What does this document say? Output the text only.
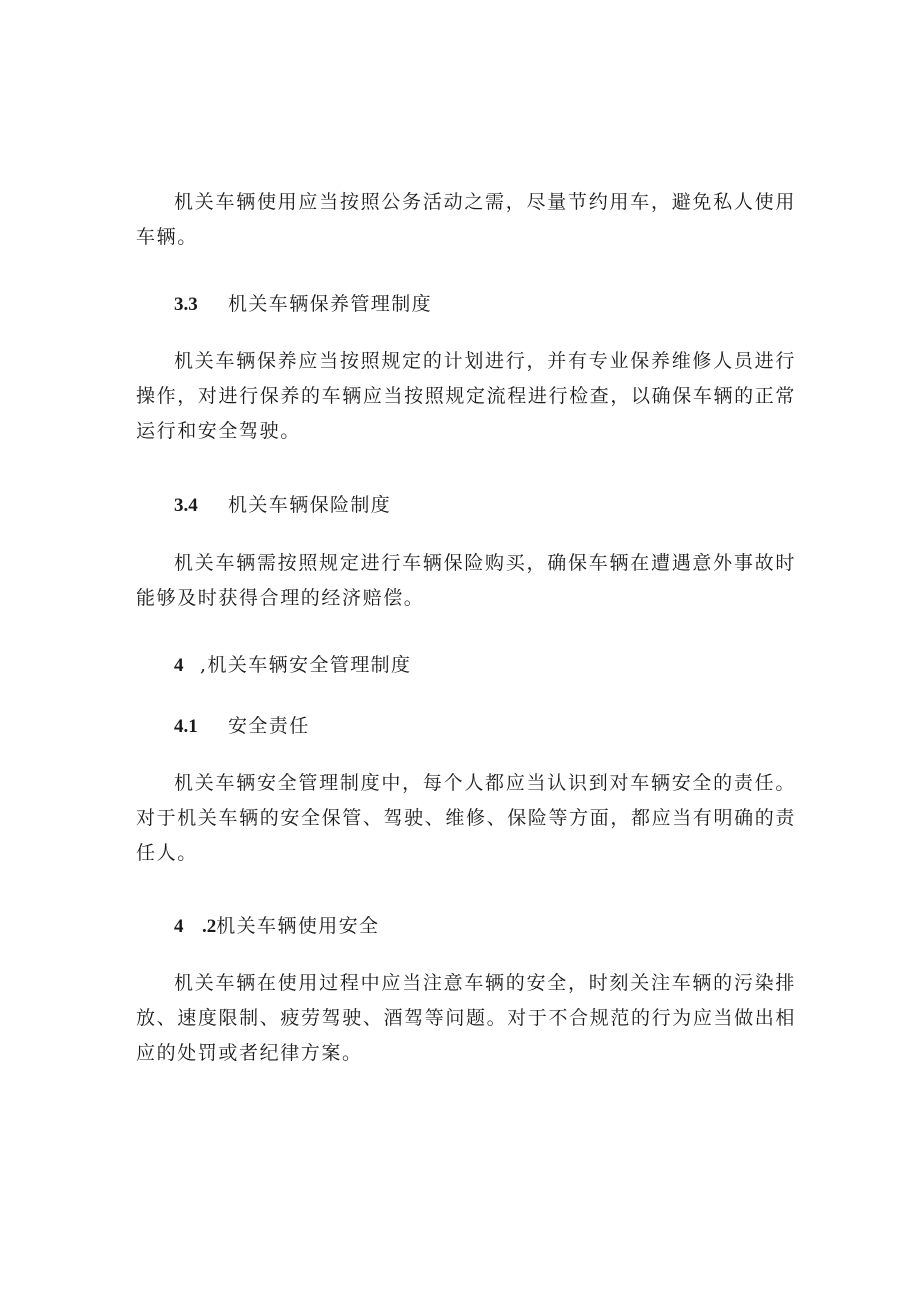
机关车辆使用应当按照公务活动之需，尽量节约用车，避免私人使用车辆。

3.3 机关车辆保养管理制度

机关车辆保养应当按照规定的计划进行，并有专业保养维修人员进行操作，对进行保养的车辆应当按照规定流程进行检查，以确保车辆的正常运行和安全驾驶。

3.4 机关车辆保险制度

机关车辆需按照规定进行车辆保险购买，确保车辆在遭遇意外事故时能够及时获得合理的经济赔偿。

4 ,机关车辆安全管理制度

4.1 安全责任

机关车辆安全管理制度中，每个人都应当认识到对车辆安全的责任。对于机关车辆的安全保管、驾驶、维修、保险等方面，都应当有明确的责任人。

4 .2机关车辆使用安全

机关车辆在使用过程中应当注意车辆的安全，时刻关注车辆的污染排放、速度限制、疲劳驾驶、酒驾等问题。对于不合规范的行为应当做出相应的处罚或者纪律方案。
